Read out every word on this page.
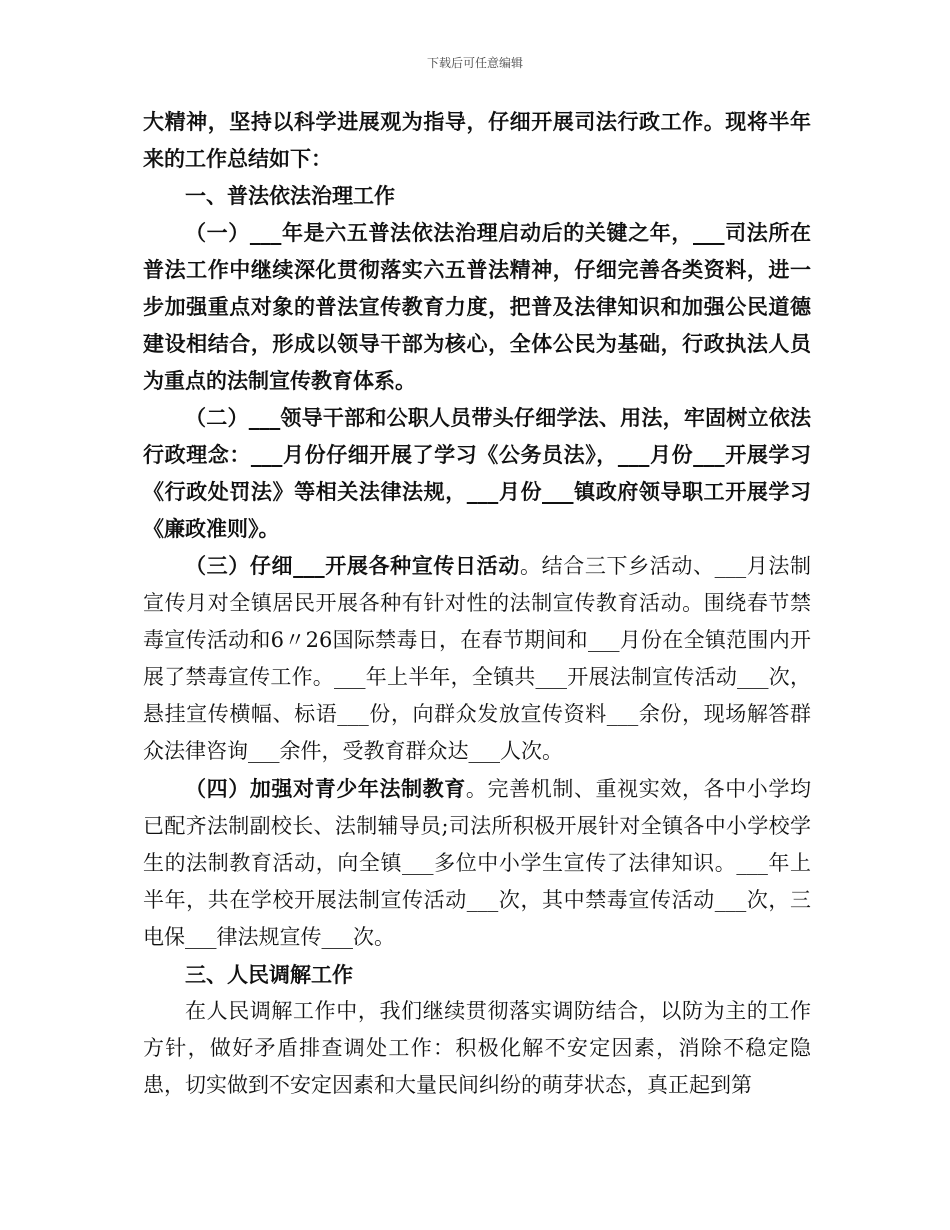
下载后可任意编辑

大精神，坚持以科学进展观为指导，仔细开展司法行政工作。现将半年来的工作总结如下：

一、普法依法治理工作

（一）___年是六五普法依法治理启动后的关键之年，___司法所在普法工作中继续深化贯彻落实六五普法精神，仔细完善各类资料，进一步加强重点对象的普法宣传教育力度，把普及法律知识和加强公民道德建设相结合，形成以领导干部为核心，全体公民为基础，行政执法人员为重点的法制宣传教育体系。

（二）___领导干部和公职人员带头仔细学法、用法，牢固树立依法行政理念：___月份仔细开展了学习《公务员法》，___月份___开展学习《行政处罚法》等相关法律法规，___月份___镇政府领导职工开展学习《廉政准则》。

（三）仔细___开展各种宣传日活动。结合三下乡活动、___月法制宣传月对全镇居民开展各种有针对性的法制宣传教育活动。围绕春节禁毒宣传活动和6〃26国际禁毒日，在春节期间和___月份在全镇范围内开展了禁毒宣传工作。___年上半年，全镇共___开展法制宣传活动___次，悬挂宣传横幅、标语___份，向群众发放宣传资料___余份，现场解答群众法律咨询___余件，受教育群众达___人次。

（四）加强对青少年法制教育。完善机制、重视实效，各中小学均已配齐法制副校长、法制辅导员;司法所积极开展针对全镇各中小学校学生的法制教育活动，向全镇___多位中小学生宣传了法律知识。___年上半年，共在学校开展法制宣传活动___次，其中禁毒宣传活动___次，三电保___律法规宣传___次。

三、人民调解工作

在人民调解工作中，我们继续贯彻落实调防结合，以防为主的工作方针，做好矛盾排查调处工作：积极化解不安定因素，消除不稳定隐患，切实做到不安定因素和大量民间纠纷的萌芽状态，真正起到第
